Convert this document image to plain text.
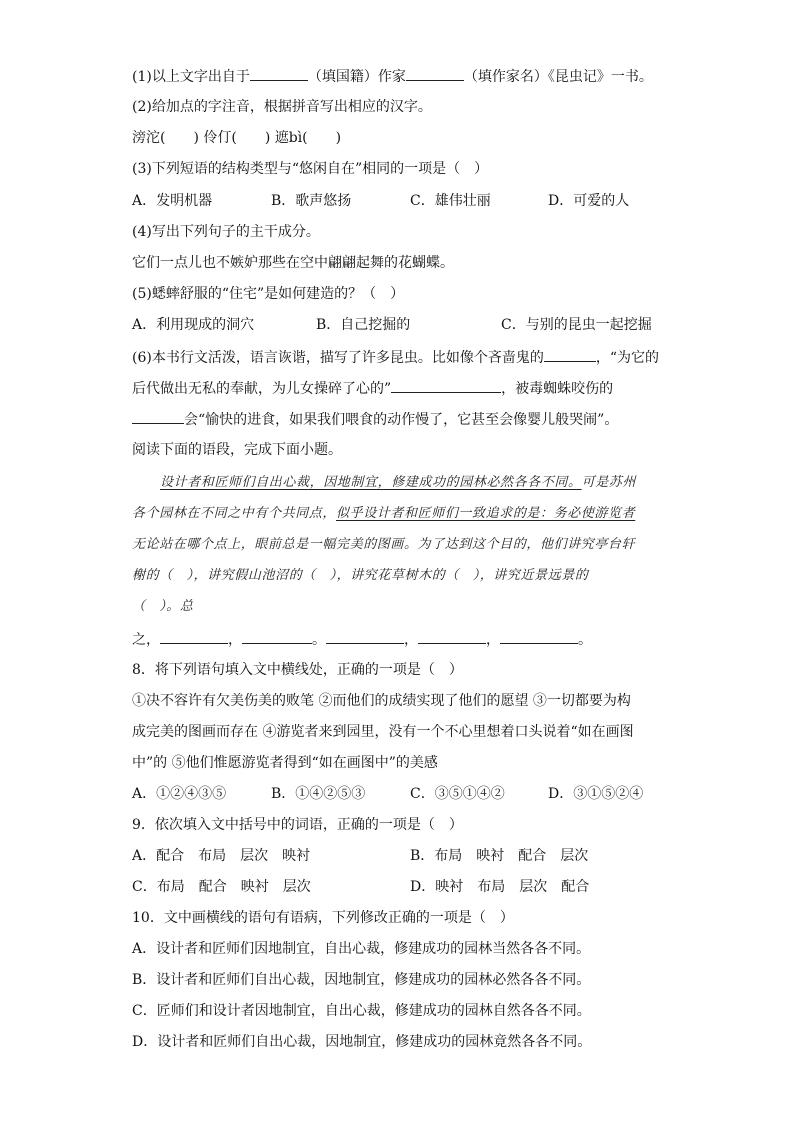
(1)以上文字出自于	（填国籍）作家	（填作家名）《昆虫记》一书。
(2)给加点的字注音，根据拼音写出相应的汉字。
滂沱(　　) 伶仃(　　) 遮bì(　　)
(3)下列短语的结构类型与“悠闲自在”相同的一项是（　）
A．发明机器	B．歌声悠扬	C．雄伟壮丽	D．可爱的人
(4)写出下列句子的主干成分。
它们一点儿也不嫉妒那些在空中翩翩起舞的花蝴蝶。
(5)蟋蟀舒服的“住宅”是如何建造的？（　）
A．利用现成的洞穴	B．自己挖掘的	C．与别的昆虫一起挖掘
(6)本书行文活泼，语言诙谐，描写了许多昆虫。比如像个吝啬鬼的	，“为它的
后代做出无私的奉献，为儿女操碎了心的”	，被毒蜘蛛咬伤的
会“愉快的进食，如果我们喂食的动作慢了，它甚至会像婴儿般哭闹”。
阅读下面的语段，完成下面小题。
设计者和匠师们自出心裁，因地制宜，修建成功的园林必然各各不同。可是苏州
各个园林在不同之中有个共同点，似乎设计者和匠师们一致追求的是：务必使游览者
无论站在哪个点上，眼前总是一幅完美的图画。为了达到这个目的，他们讲究亭台轩
榭的（　），讲究假山池沼的（　），讲究花草树木的（　），讲究近景远景的
（　）。总
之，	，	。	，	，	。
8．将下列语句填入文中横线处，正确的一项是（　）
①决不容许有欠美伤美的败笔 ②而他们的成绩实现了他们的愿望 ③一切都要为构
成完美的图画而存在 ④游览者来到园里，没有一个不心里想着口头说着“如在画图
中”的 ⑤他们惟愿游览者得到“如在画图中”的美感
A．①②④③⑤	B．①④②⑤③	C．③⑤①④②	D．③①⑤②④
9．依次填入文中括号中的词语，正确的一项是（　）
A．配合　布局　层次　映衬	B．布局　映衬　配合　层次
C．布局　配合　映衬　层次	D．映衬　布局　层次　配合
10．文中画横线的语句有语病，下列修改正确的一项是（　）
A．设计者和匠师们因地制宜，自出心裁，修建成功的园林当然各各不同。
B．设计者和匠师们自出心裁，因地制宜，修建成功的园林必然各各不同。
C．匠师们和设计者因地制宜，自出心裁，修建成功的园林自然各各不同。
D．设计者和匠师们自出心裁，因地制宜，修建成功的园林竟然各各不同。
